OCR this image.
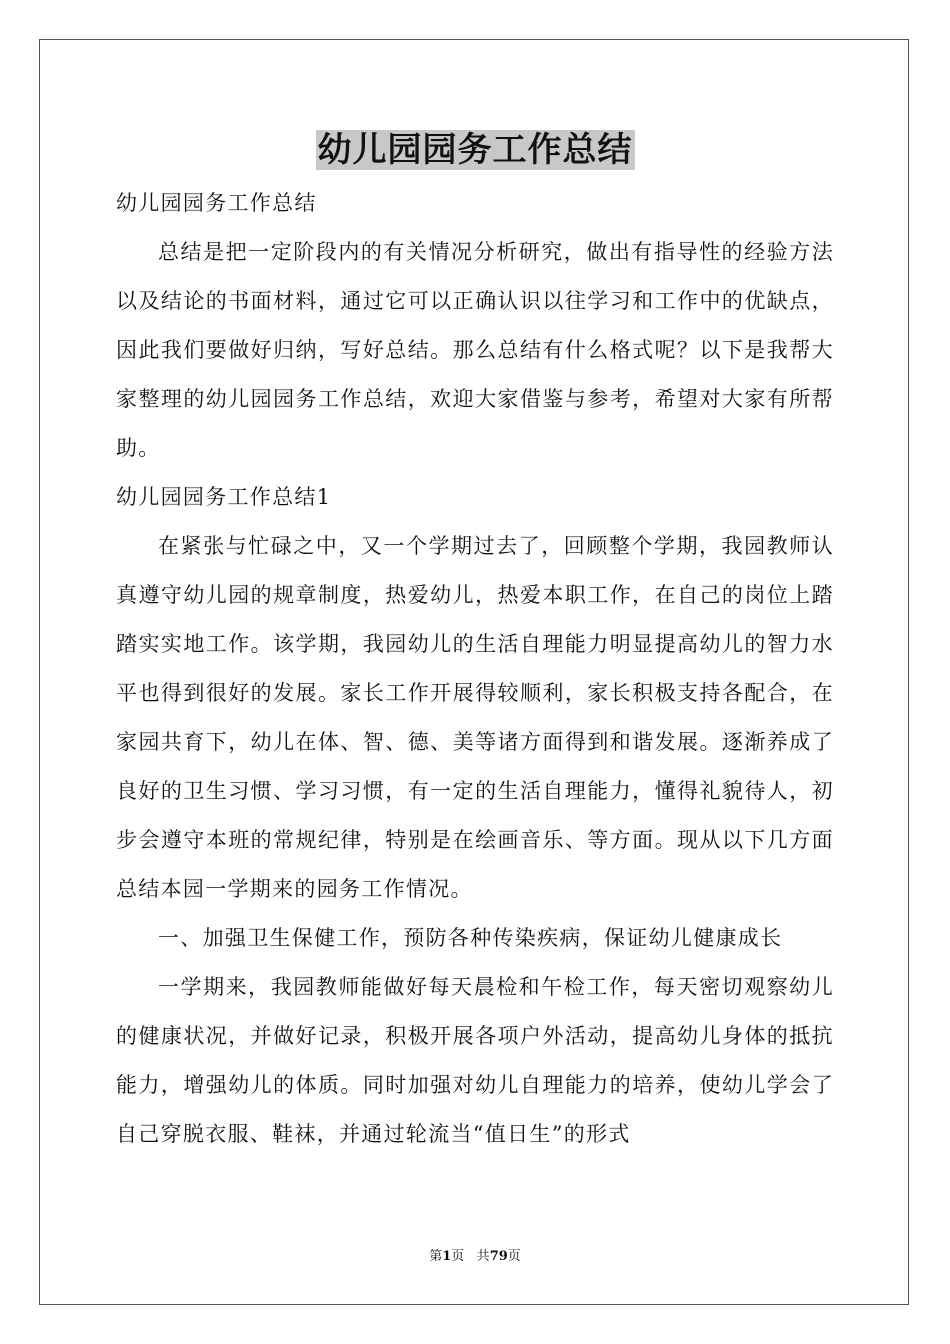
幼儿园园务工作总结

幼儿园园务工作总结

总结是把一定阶段内的有关情况分析研究，做出有指导性的经验方法以及结论的书面材料，通过它可以正确认识以往学习和工作中的优缺点，因此我们要做好归纳，写好总结。那么总结有什么格式呢？以下是我帮大家整理的幼儿园园务工作总结，欢迎大家借鉴与参考，希望对大家有所帮助。

幼儿园园务工作总结1

在紧张与忙碌之中，又一个学期过去了，回顾整个学期，我园教师认真遵守幼儿园的规章制度，热爱幼儿，热爱本职工作，在自己的岗位上踏踏实实地工作。该学期，我园幼儿的生活自理能力明显提高幼儿的智力水平也得到很好的发展。家长工作开展得较顺利，家长积极支持各配合，在家园共育下，幼儿在体、智、德、美等诸方面得到和谐发展。逐渐养成了良好的卫生习惯、学习习惯，有一定的生活自理能力，懂得礼貌待人，初步会遵守本班的常规纪律，特别是在绘画音乐、等方面。现从以下几方面总结本园一学期来的园务工作情况。

一、加强卫生保健工作，预防各种传染疾病，保证幼儿健康成长

一学期来，我园教师能做好每天晨检和午检工作，每天密切观察幼儿的健康状况，并做好记录，积极开展各项户外活动，提高幼儿身体的抵抗能力，增强幼儿的体质。同时加强对幼儿自理能力的培养，使幼儿学会了自己穿脱衣服、鞋袜，并通过轮流当“值日生”的形式

第1页 共79页
